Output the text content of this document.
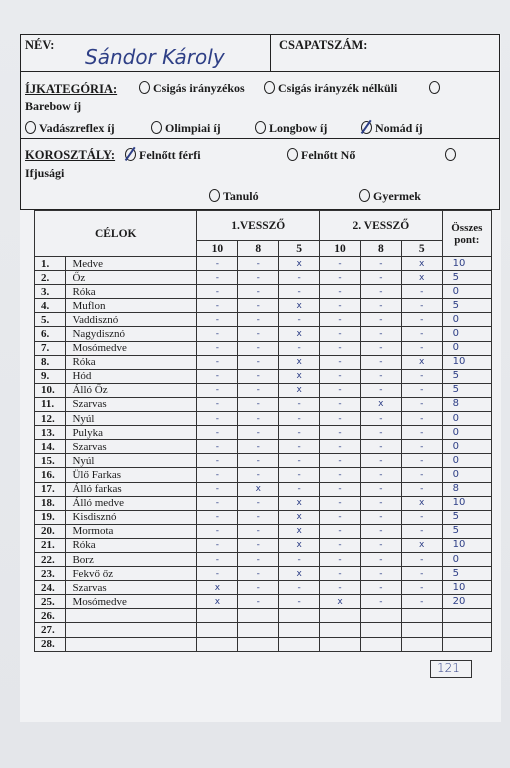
NÉV: Sándor Károly	CSAPATSZÁM:
ÍJKATEGÓRIA:	Csigás irányzékos	Csigás irányzék nélküli
Barebow íj
Vadászreflex íj	Olimpiai íj	Longbow íj	Nomád íj
KOROSZTÁLY:	Felnőtt férfi	Felnőtt Nő
Ifjusági
Tanuló	Gyermek
CÉLOK		1.VESSZŐ			2. VESSZŐ			Összes pont:
		10	8	5	10	8	5	
1.	Medve	-	-	x	-	-	x	10
2.	Őz	-	-	-	-	-	x	5
3.	Róka	-	-	-	-	-	-	0
4.	Muflon	-	-	x	-	-	-	5
5.	Vaddisznó	-	-	-	-	-	-	0
6.	Nagydisznó	-	-	x	-	-	-	0
7.	Mosómedve	-	-	-	-	-	-	0
8.	Róka	-	-	x	-	-	x	10
9.	Hód	-	-	x	-	-	-	5
10.	Álló Őz	-	-	x	-	-	-	5
11.	Szarvas	-	-	-	-	x	-	8
12.	Nyúl	-	-	-	-	-	-	0
13.	Pulyka	-	-	-	-	-	-	0
14.	Szarvas	-	-	-	-	-	-	0
15.	Nyúl	-	-	-	-	-	-	0
16.	Ülő Farkas	-	-	-	-	-	-	0
17.	Álló farkas	-	x	-	-	-	-	8
18.	Álló medve	-	-	x	-	-	x	10
19.	Kisdisznó	-	-	x	-	-	-	5
20.	Mormota	-	-	x	-	-	-	5
21.	Róka	-	-	x	-	-	x	10
22.	Borz	-	-	-	-	-	-	0
23.	Fekvő őz	-	-	x	-	-	-	5
24.	Szarvas	x	-	-	-	-	-	10
25.	Mosómedve	x	-	-	x	-	-	20
26.								
27.								
28.								
121
